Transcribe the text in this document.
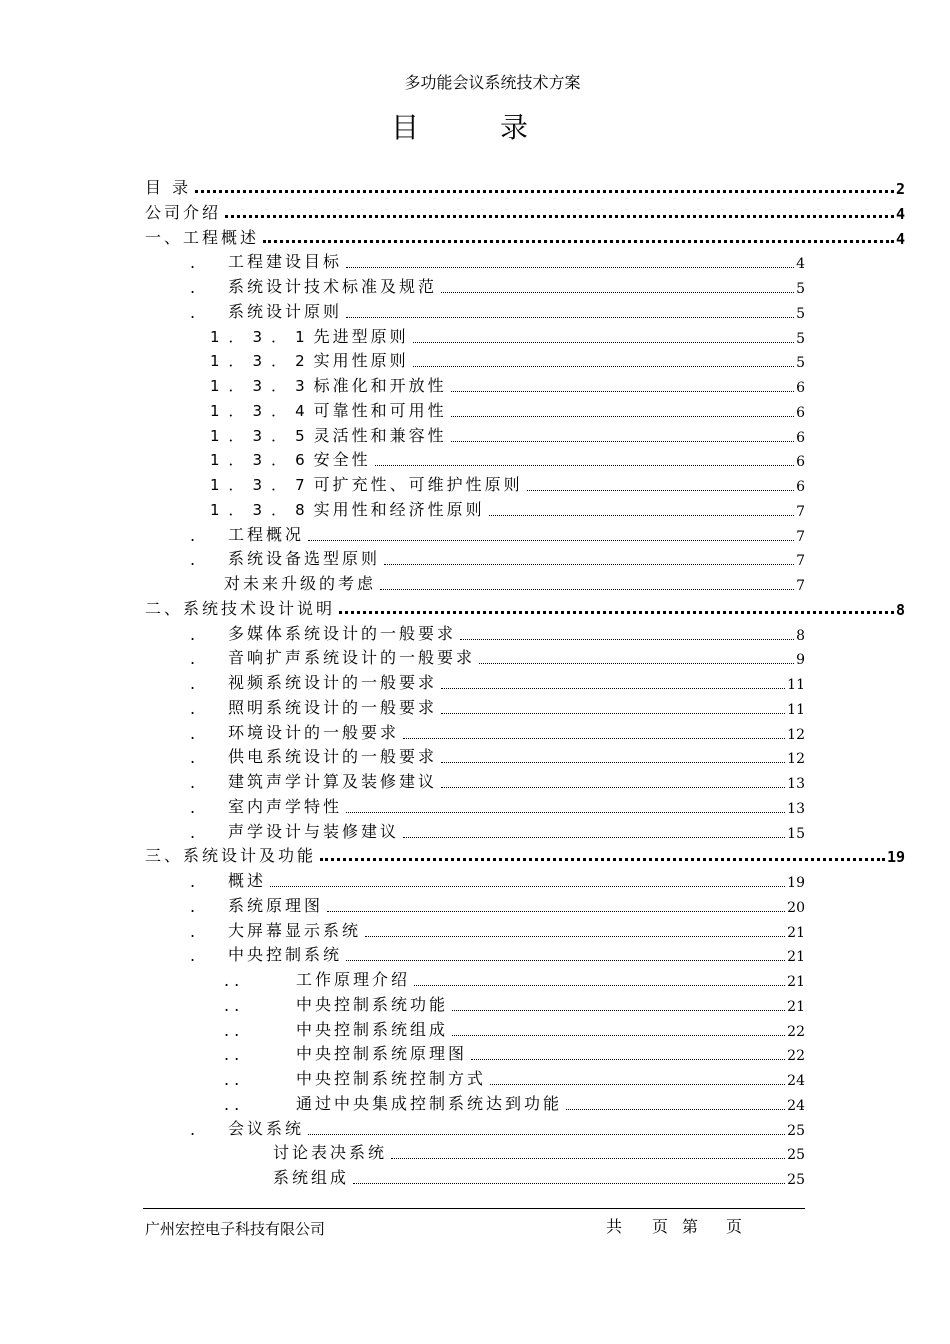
多功能会议系统技术方案
目 录
目 录	2
公司介绍	4
一、工程概述	4
. 工程建设目标	4
. 系统设计技术标准及规范	5
. 系统设计原则	5
1．3．1 先进型原则	5
1．3．2 实用性原则	5
1．3．3 标准化和开放性	6
1．3．4 可靠性和可用性	6
1．3．5 灵活性和兼容性	6
1．3．6 安全性	6
1．3．7 可扩充性、可维护性原则	6
1．3．8 实用性和经济性原则	7
. 工程概况	7
. 系统设备选型原则	7
对未来升级的考虑	7
二、系统技术设计说明	8
. 多媒体系统设计的一般要求	8
. 音响扩声系统设计的一般要求	9
. 视频系统设计的一般要求	11
. 照明系统设计的一般要求	11
. 环境设计的一般要求	12
. 供电系统设计的一般要求	12
. 建筑声学计算及装修建议	13
. 室内声学特性	13
. 声学设计与装修建议	15
三、系统设计及功能	19
. 概述	19
. 系统原理图	20
. 大屏幕显示系统	21
. 中央控制系统	21
. .	工作原理介绍	21
. .	中央控制系统功能	21
. .	中央控制系统组成	22
. .	中央控制系统原理图	22
. .	中央控制系统控制方式	24
. .	通过中央集成控制系统达到功能	24
. 会议系统	25
讨论表决系统	25
系统组成	25
广州宏控电子科技有限公司	共 页 第 页
